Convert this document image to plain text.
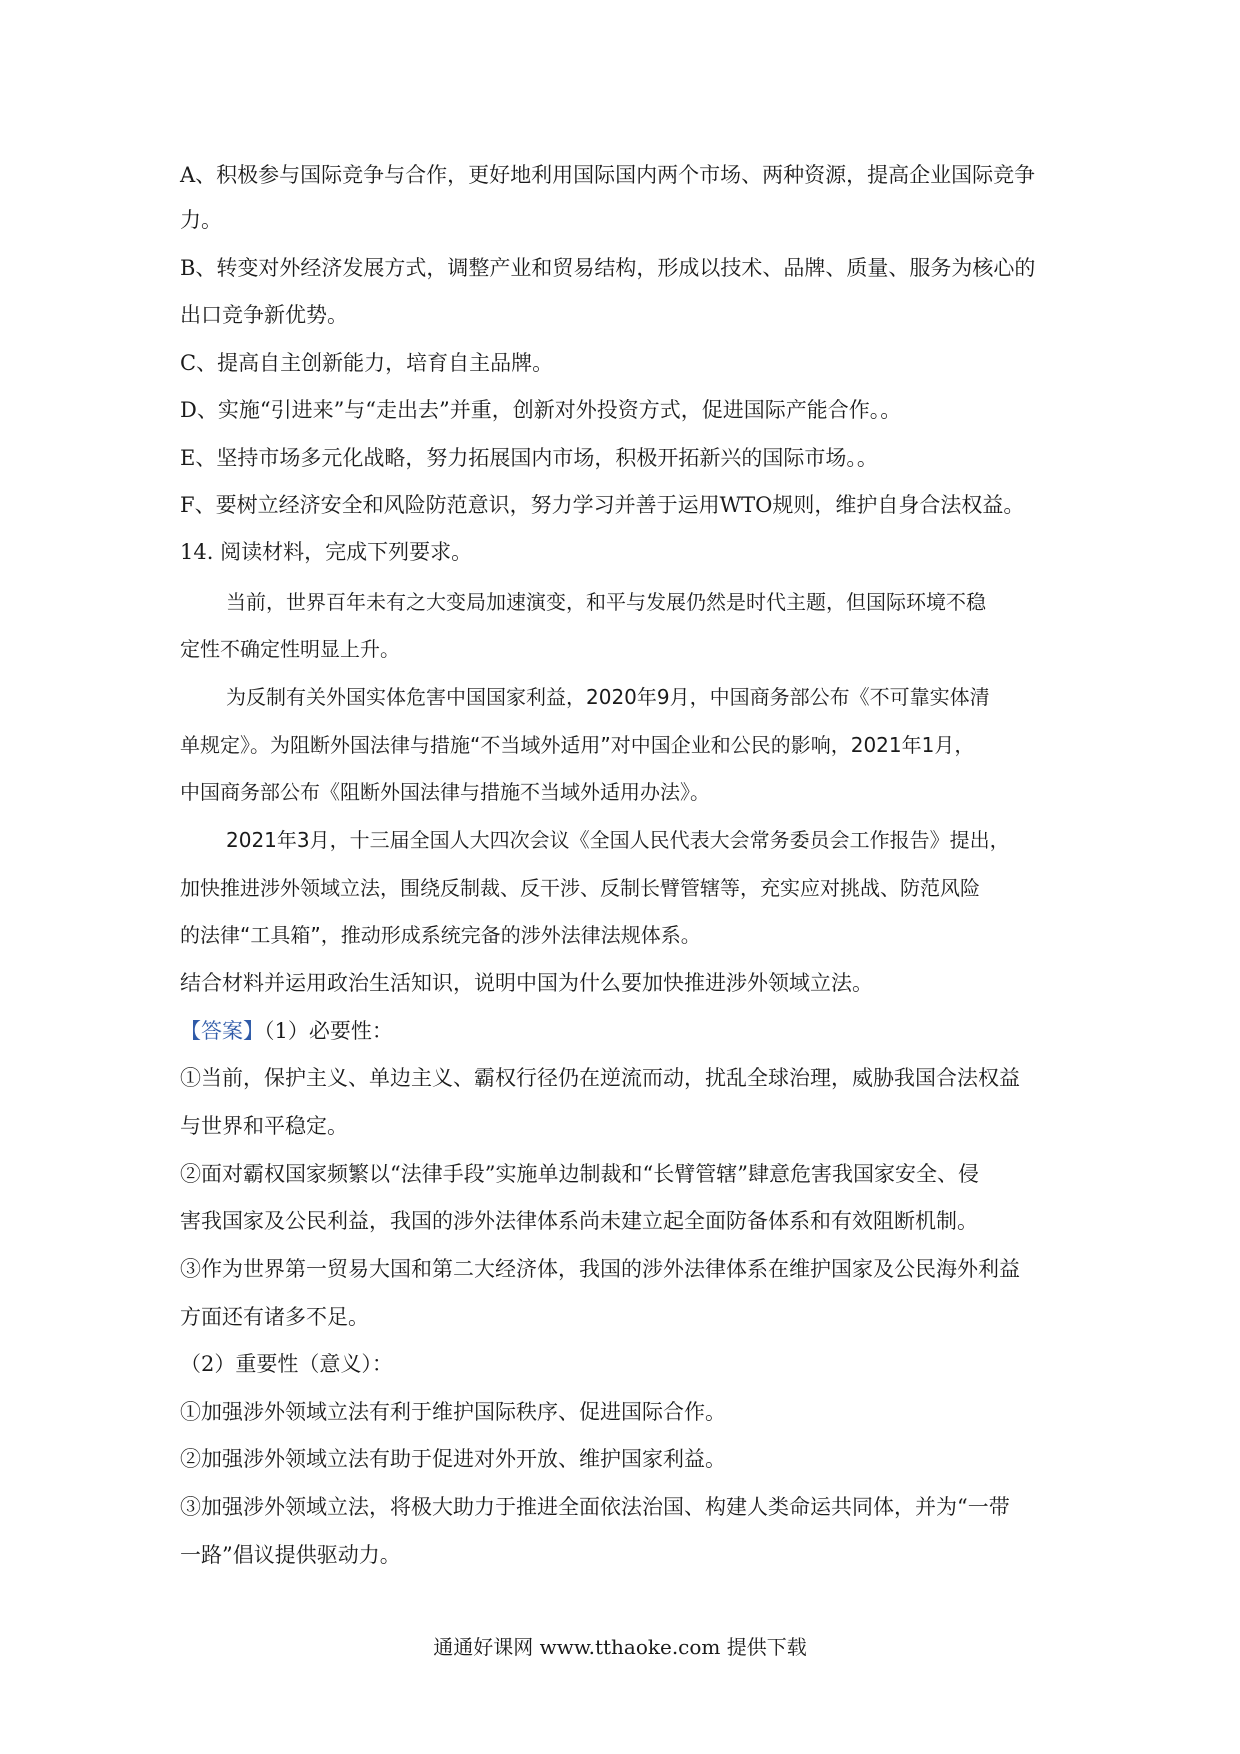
A、积极参与国际竞争与合作，更好地利用国际国内两个市场、两种资源，提高企业国际竞争
力。
B、转变对外经济发展方式，调整产业和贸易结构，形成以技术、品牌、质量、服务为核心的
出口竞争新优势。
C、提高自主创新能力，培育自主品牌。
D、实施“引进来”与“走出去”并重，创新对外投资方式，促进国际产能合作。。
E、坚持市场多元化战略，努力拓展国内市场，积极开拓新兴的国际市场。。
F、要树立经济安全和风险防范意识，努力学习并善于运用WTO规则，维护自身合法权益。
14. 阅读材料，完成下列要求。
当前，世界百年未有之大变局加速演变，和平与发展仍然是时代主题，但国际环境不稳
定性不确定性明显上升。
为反制有关外国实体危害中国国家利益，2020年9月，中国商务部公布《不可靠实体清
单规定》。为阻断外国法律与措施“不当域外适用”对中国企业和公民的影响，2021年1月，
中国商务部公布《阻断外国法律与措施不当域外适用办法》。
2021年3月，十三届全国人大四次会议《全国人民代表大会常务委员会工作报告》提出，
加快推进涉外领域立法，围绕反制裁、反干涉、反制长臂管辖等，充实应对挑战、防范风险
的法律“工具箱”，推动形成系统完备的涉外法律法规体系。
结合材料并运用政治生活知识，说明中国为什么要加快推进涉外领域立法。
【答案】（1）必要性：
①当前，保护主义、单边主义、霸权行径仍在逆流而动，扰乱全球治理，威胁我国合法权益
与世界和平稳定。
②面对霸权国家频繁以“法律手段”实施单边制裁和“长臂管辖”肆意危害我国家安全、侵
害我国家及公民利益，我国的涉外法律体系尚未建立起全面防备体系和有效阻断机制。
③作为世界第一贸易大国和第二大经济体，我国的涉外法律体系在维护国家及公民海外利益
方面还有诸多不足。
（2）重要性（意义）：
①加强涉外领域立法有利于维护国际秩序、促进国际合作。
②加强涉外领域立法有助于促进对外开放、维护国家利益。
③加强涉外领域立法，将极大助力于推进全面依法治国、构建人类命运共同体，并为“一带
一路”倡议提供驱动力。
通通好课网 www.tthaoke.com 提供下载
